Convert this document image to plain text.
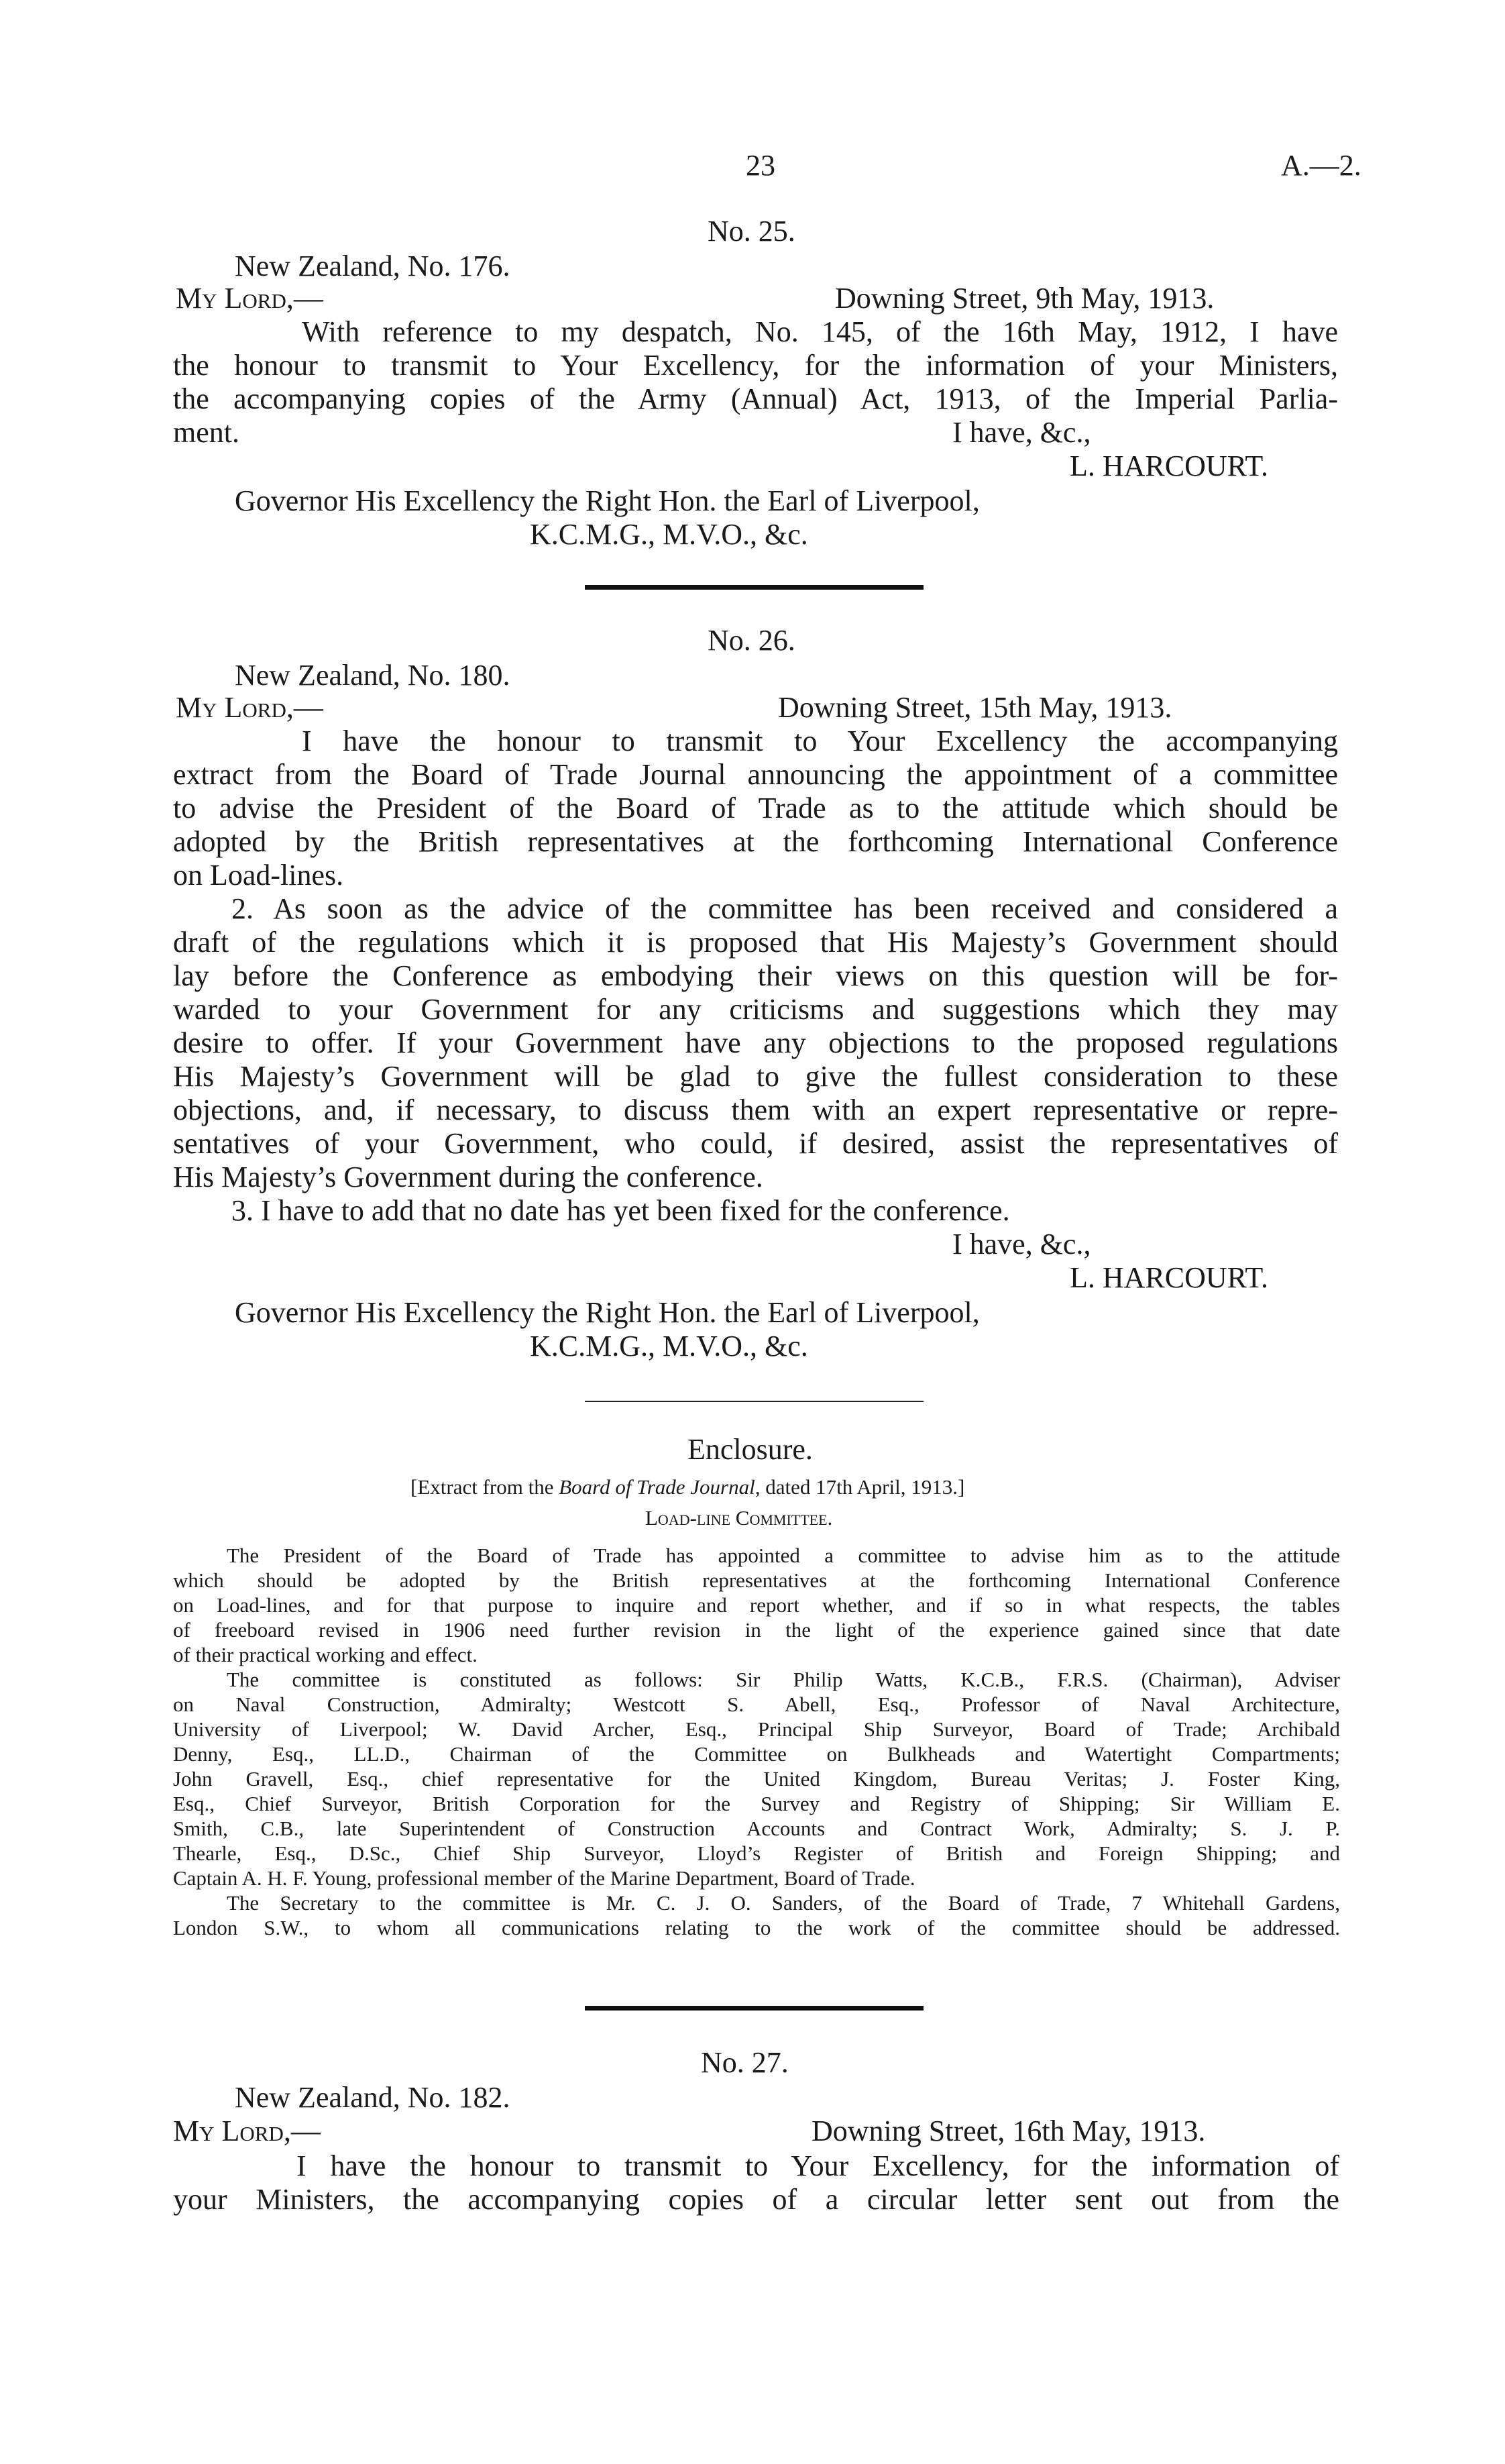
23	A.—2.
No. 25.
New Zealand, No. 176.
My Lord,—	Downing Street, 9th May, 1913.
With reference to my despatch, No. 145, of the 16th May, 1912, I have
the honour to transmit to Your Excellency, for the information of your Ministers,
the accompanying copies of the Army (Annual) Act, 1913, of the Imperial Parlia-
ment.	I have, &c.,
L. HARCOURT.
Governor His Excellency the Right Hon. the Earl of Liverpool,
K.C.M.G., M.V.O., &c.
No. 26.
New Zealand, No. 180.
My Lord,—	Downing Street, 15th May, 1913.
I have the honour to transmit to Your Excellency the accompanying
extract from the Board of Trade Journal announcing the appointment of a committee
to advise the President of the Board of Trade as to the attitude which should be
adopted by the British representatives at the forthcoming International Conference
on Load-lines.
2. As soon as the advice of the committee has been received and considered a
draft of the regulations which it is proposed that His Majesty’s Government should
lay before the Conference as embodying their views on this question will be for-
warded to your Government for any criticisms and suggestions which they may
desire to offer. If your Government have any objections to the proposed regulations
His Majesty’s Government will be glad to give the fullest consideration to these
objections, and, if necessary, to discuss them with an expert representative or repre-
sentatives of your Government, who could, if desired, assist the representatives of
His Majesty’s Government during the conference.
3. I have to add that no date has yet been fixed for the conference.
I have, &c.,
L. HARCOURT.
Governor His Excellency the Right Hon. the Earl of Liverpool,
K.C.M.G., M.V.O., &c.
Enclosure.
[Extract from the Board of Trade Journal, dated 17th April, 1913.]
Load-line Committee.
The President of the Board of Trade has appointed a committee to advise him as to the attitude
which should be adopted by the British representatives at the forthcoming International Conference
on Load-lines, and for that purpose to inquire and report whether, and if so in what respects, the tables
of freeboard revised in 1906 need further revision in the light of the experience gained since that date
of their practical working and effect.
The committee is constituted as follows: Sir Philip Watts, K.C.B., F.R.S. (Chairman), Adviser
on Naval Construction, Admiralty; Westcott S. Abell, Esq., Professor of Naval Architecture,
University of Liverpool; W. David Archer, Esq., Principal Ship Surveyor, Board of Trade; Archibald
Denny, Esq., LL.D., Chairman of the Committee on Bulkheads and Watertight Compartments;
John Gravell, Esq., chief representative for the United Kingdom, Bureau Veritas; J. Foster King,
Esq., Chief Surveyor, British Corporation for the Survey and Registry of Shipping; Sir William E.
Smith, C.B., late Superintendent of Construction Accounts and Contract Work, Admiralty; S. J. P.
Thearle, Esq., D.Sc., Chief Ship Surveyor, Lloyd’s Register of British and Foreign Shipping; and
Captain A. H. F. Young, professional member of the Marine Department, Board of Trade.
The Secretary to the committee is Mr. C. J. O. Sanders, of the Board of Trade, 7 Whitehall Gardens,
London S.W., to whom all communications relating to the work of the committee should be addressed.
No. 27.
New Zealand, No. 182.
My Lord,—	Downing Street, 16th May, 1913.
I have the honour to transmit to Your Excellency, for the information of
your Ministers, the accompanying copies of a circular letter sent out from the
